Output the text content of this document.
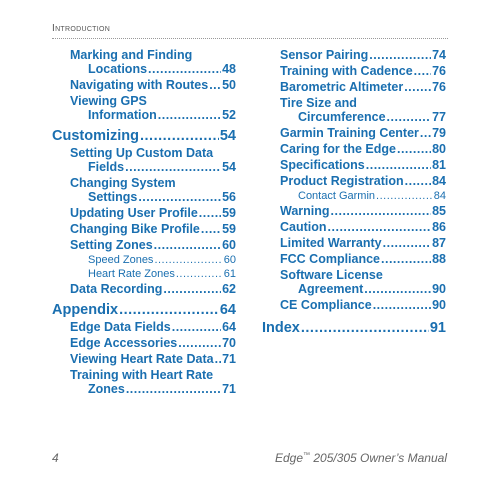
Introduction
Marking and Finding
Locations .....	48
Navigating with Routes ..... 50
Viewing GPS
Information .....	52
Customizing .....	54
Setting Up Custom Data
Fields .....	54
Changing System
Settings .....	56
Updating User Profile ..... 59
Changing Bike Profile ..... 59
Setting Zones .....	60
Speed Zones .....	60
Heart Rate Zones .....	61
Data Recording .....	62
Appendix .....	64
Edge Data Fields .....	64
Edge Accessories .....	70
Viewing Heart Rate Data ..... 71
Training with Heart Rate
Zones .....	71
Sensor Pairing .....	74
Training with Cadence ..... 76
Barometric Altimeter ..... 76
Tire Size and
Circumference .....	77
Garmin Training Center ..... 79
Caring for the Edge .....	80
Specifications .....	81
Product Registration ..... 84
Contact Garmin .....	84
Warning .....	85
Caution .....	86
Limited Warranty .....	87
FCC Compliance .....	88
Software License
Agreement .....	90
CE Compliance .....	90
Index .....	91
4	Edge™ 205/305 Owner’s Manual
